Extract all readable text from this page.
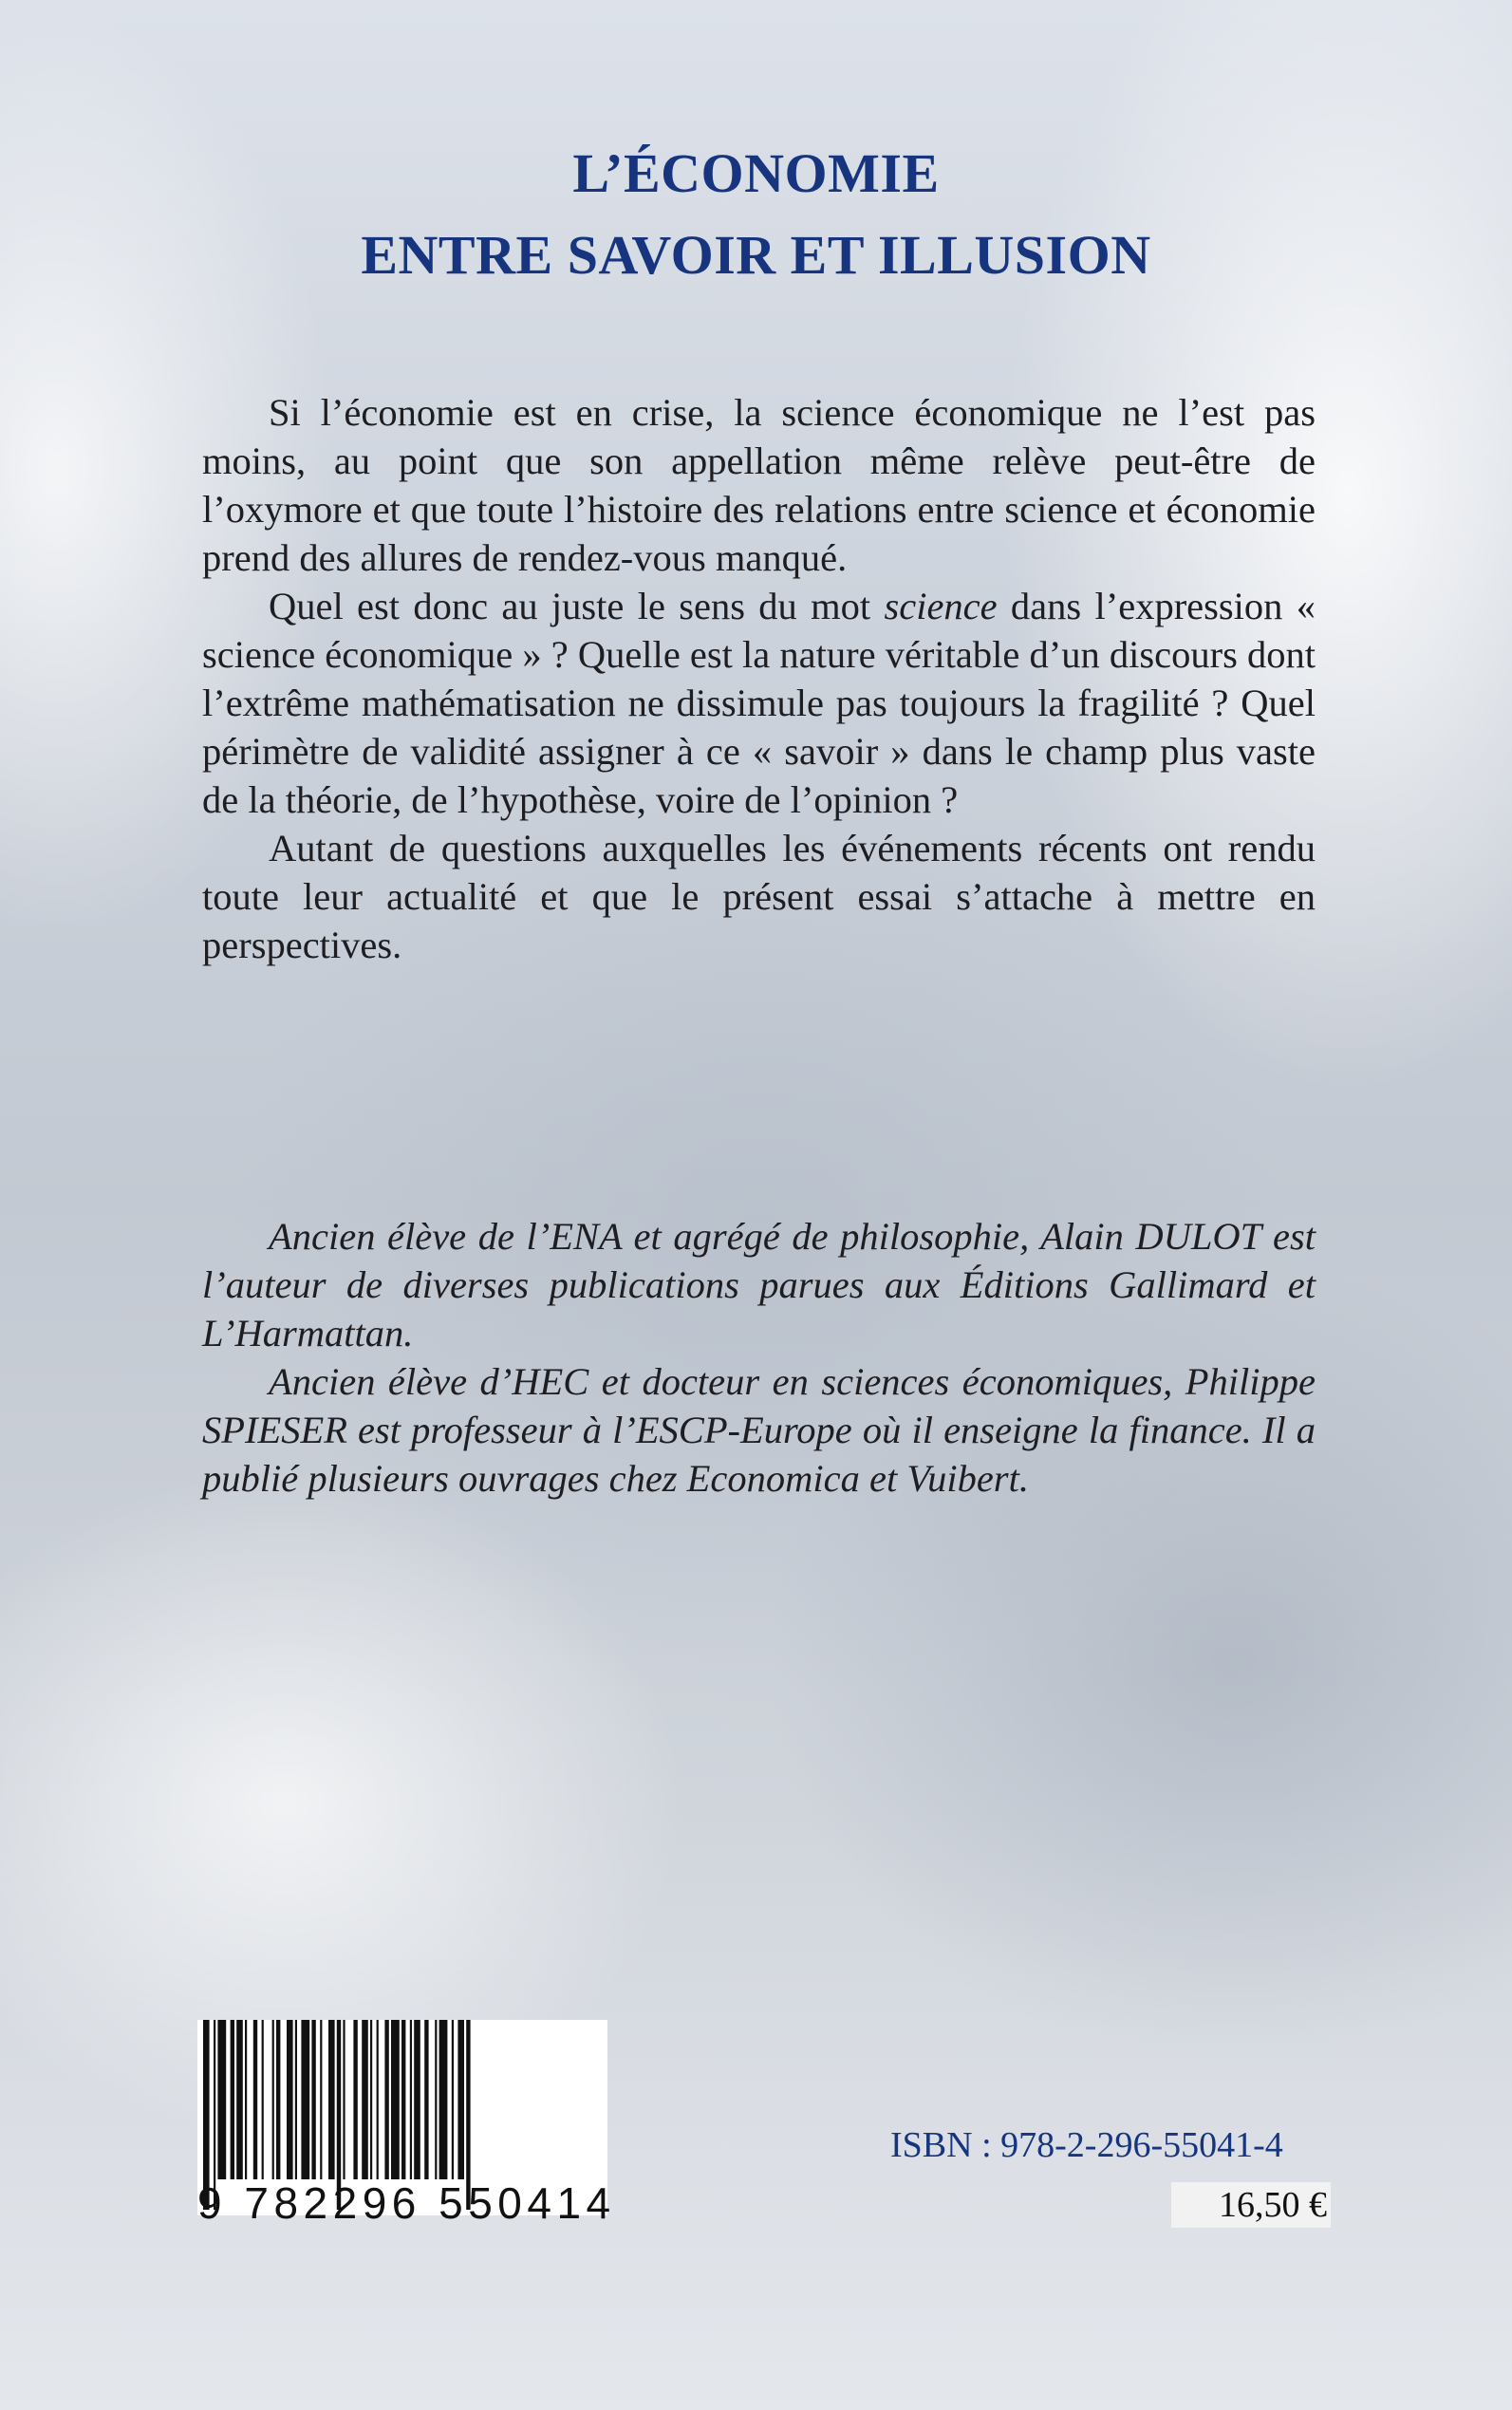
L’ÉCONOMIE
ENTRE SAVOIR ET ILLUSION

Si l’économie est en crise, la science économique ne l’est pas moins, au point que son appellation même relève peut-être de l’oxymore et que toute l’histoire des relations entre science et économie prend des allures de rendez-vous manqué.

Quel est donc au juste le sens du mot science dans l’expression « science économique » ? Quelle est la nature véritable d’un discours dont l’extrême mathématisation ne dissimule pas toujours la fragilité ? Quel périmètre de validité assigner à ce « savoir » dans le champ plus vaste de la théorie, de l’hypothèse, voire de l’opinion ?

Autant de questions auxquelles les événements récents ont rendu toute leur actualité et que le présent essai s’attache à mettre en perspectives.

Ancien élève de l’ENA et agrégé de philosophie, Alain DULOT est l’auteur de diverses publications parues aux Éditions Gallimard et L’Harmattan.

Ancien élève d’HEC et docteur en sciences économiques, Philippe SPIESER est professeur à l’ESCP-Europe où il enseigne la finance. Il a publié plusieurs ouvrages chez Economica et Vuibert.

9 782296 550414
ISBN : 978-2-296-55041-4
16,50 €
